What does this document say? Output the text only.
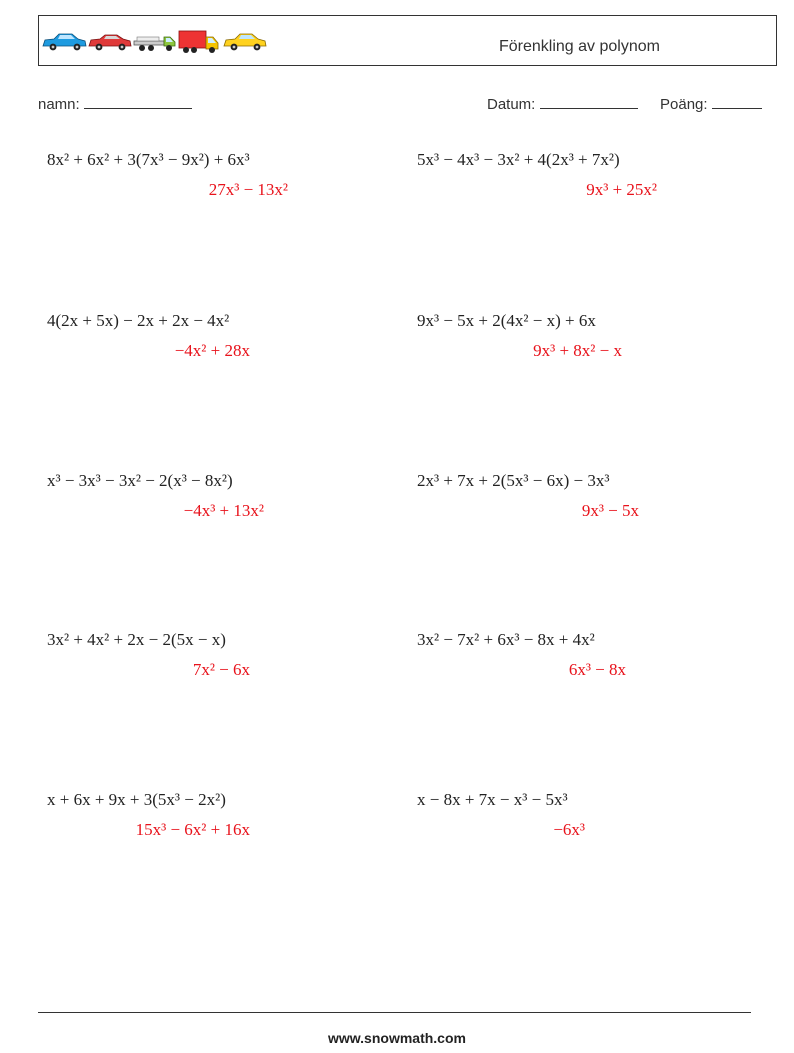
Förenkling av polynom
namn:	Datum:	Poäng:
8x² + 6x² + 3(7x³ − 9x²) + 6x³
27x³ − 13x²
4(2x + 5x) − 2x + 2x − 4x²
−4x² + 28x
x³ − 3x³ − 3x² − 2(x³ − 8x²)
−4x³ + 13x²
3x² + 4x² + 2x − 2(5x − x)
7x² − 6x
x + 6x + 9x + 3(5x³ − 2x²)
15x³ − 6x² + 16x
5x³ − 4x³ − 3x² + 4(2x³ + 7x²)
9x³ + 25x²
9x³ − 5x + 2(4x² − x) + 6x
9x³ + 8x² − x
2x³ + 7x + 2(5x³ − 6x) − 3x³
9x³ − 5x
3x² − 7x² + 6x³ − 8x + 4x²
6x³ − 8x
x − 8x + 7x − x³ − 5x³
−6x³
www.snowmath.com
